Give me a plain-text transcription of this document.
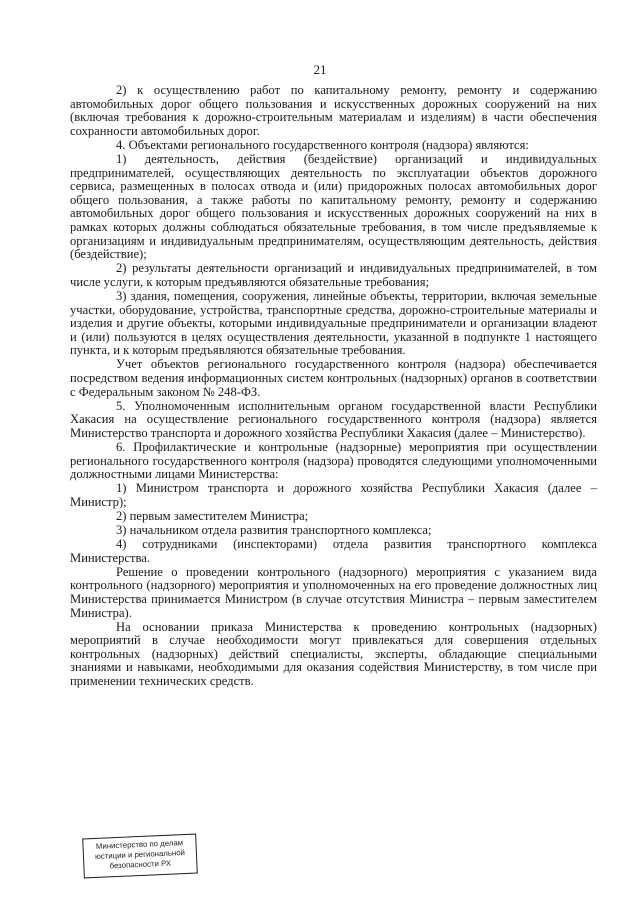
21

2) к осуществлению работ по капитальному ремонту, ремонту и содержанию автомобильных дорог общего пользования и искусственных дорожных сооружений на них (включая требования к дорожно-строительным материалам и изделиям) в части обеспечения сохранности автомобильных дорог.

4. Объектами регионального государственного контроля (надзора) являются:

1) деятельность, действия (бездействие) организаций и индивидуальных предпринимателей, осуществляющих деятельность по эксплуатации объектов дорожного сервиса, размещенных в полосах отвода и (или) придорожных полосах автомобильных дорог общего пользования, а также работы по капитальному ремонту, ремонту и содержанию автомобильных дорог общего пользования и искусственных дорожных сооружений на них в рамках которых должны соблюдаться обязательные требования, в том числе предъявляемые к организациям и индивидуальным предпринимателям, осуществляющим деятельность, действия (бездействие);

2) результаты деятельности организаций и индивидуальных предпринимателей, в том числе услуги, к которым предъявляются обязательные требования;

3) здания, помещения, сооружения, линейные объекты, территории, включая земельные участки, оборудование, устройства, транспортные средства, дорожно-строительные материалы и изделия и другие объекты, которыми индивидуальные предприниматели и организации владеют и (или) пользуются в целях осуществления деятельности, указанной в подпункте 1 настоящего пункта, и к которым предъявляются обязательные требования.

Учет объектов регионального государственного контроля (надзора) обеспечивается посредством ведения информационных систем контрольных (надзорных) органов в соответствии с Федеральным законом № 248-ФЗ.

5. Уполномоченным исполнительным органом государственной власти Республики Хакасия на осуществление регионального государственного контроля (надзора) является Министерство транспорта и дорожного хозяйства Республики Хакасия (далее – Министерство).

6. Профилактические и контрольные (надзорные) мероприятия при осуществлении регионального государственного контроля (надзора) проводятся следующими уполномоченными должностными лицами Министерства:

1) Министром транспорта и дорожного хозяйства Республики Хакасия (далее – Министр);

2) первым заместителем Министра;

3) начальником отдела развития транспортного комплекса;

4) сотрудниками (инспекторами) отдела развития транспортного комплекса Министерства.

Решение о проведении контрольного (надзорного) мероприятия с указанием вида контрольного (надзорного) мероприятия и уполномоченных на его проведение должностных лиц Министерства принимается Министром (в случае отсутствия Министра – первым заместителем Министра).

На основании приказа Министерства к проведению контрольных (надзорных) мероприятий в случае необходимости могут привлекаться для совершения отдельных контрольных (надзорных) действий специалисты, эксперты, обладающие специальными знаниями и навыками, необходимыми для оказания содействия Министерству, в том числе при применении технических средств.

Министерство по делам
юстиции и региональной
безопасности РХ
